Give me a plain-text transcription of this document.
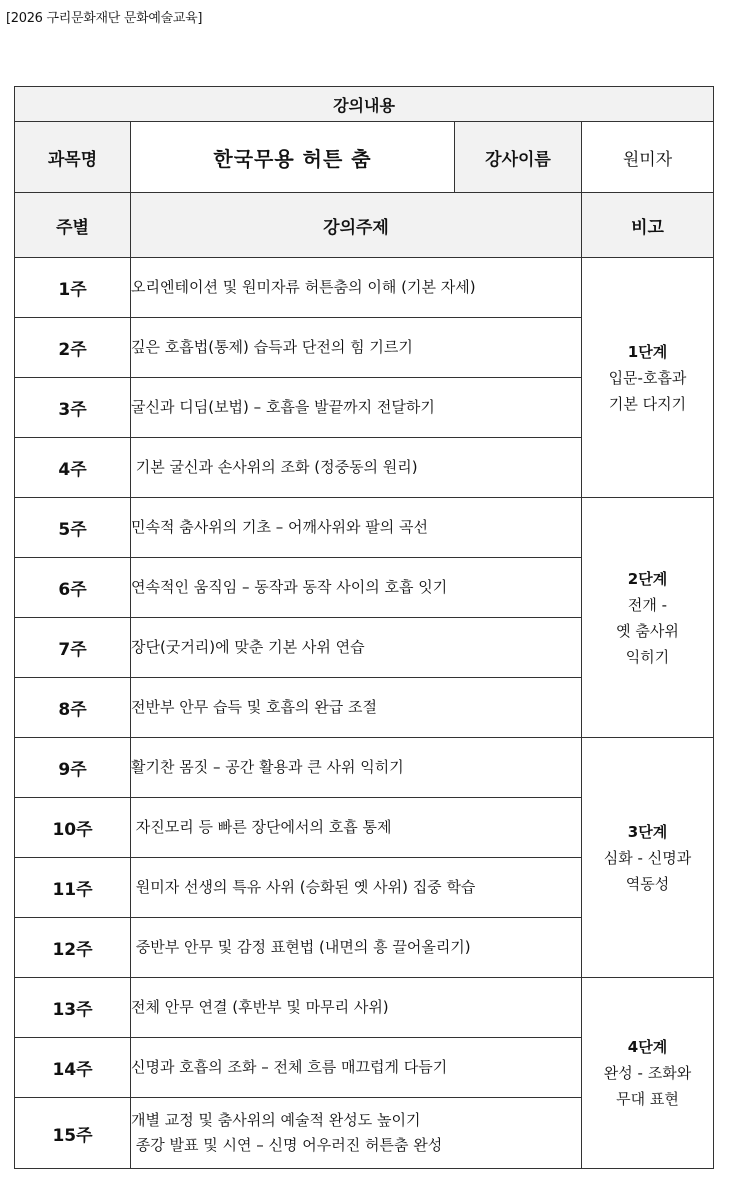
[2026 구리문화재단 문화예술교육]
강의내용			
과목명	한국무용 허튼 춤	강사이름	원미자
주별	강의주제		비고
1주	오리엔테이션 및 원미자류 허튼춤의 이해 (기본 자세)		1단계
입문-호흡과
기본 다지기

2주	깊은 호흡법(통제) 습득과 단전의 힘 기르기		

3주	굴신과 디딤(보법) – 호흡을 발끝까지 전달하기		

4주	기본 굴신과 손사위의 조화 (정중동의 원리)		

5주	민속적 춤사위의 기초 – 어깨사위와 팔의 곡선		2단계
전개 -
옛 춤사위
익히기

6주	연속적인 움직임 – 동작과 동작 사이의 호흡 잇기		

7주	장단(굿거리)에 맞춘 기본 사위 연습		

8주	전반부 안무 습득 및 호흡의 완급 조절		

9주	활기찬 몸짓 – 공간 활용과 큰 사위 익히기		3단계
심화 - 신명과
역동성

10주	자진모리 등 빠른 장단에서의 호흡 통제		

11주	원미자 선생의 특유 사위 (승화된 옛 사위) 집중 학습		

12주	중반부 안무 및 감정 표현법 (내면의 흥 끌어올리기)		

13주	전체 안무 연결 (후반부 및 마무리 사위)		4단계
완성 - 조화와
무대 표현

14주	신명과 호흡의 조화 – 전체 흐름 매끄럽게 다듬기		

15주	개별 교정 및 춤사위의 예술적 완성도 높이기
종강 발표 및 시연 – 신명 어우러진 허튼춤 완성		
